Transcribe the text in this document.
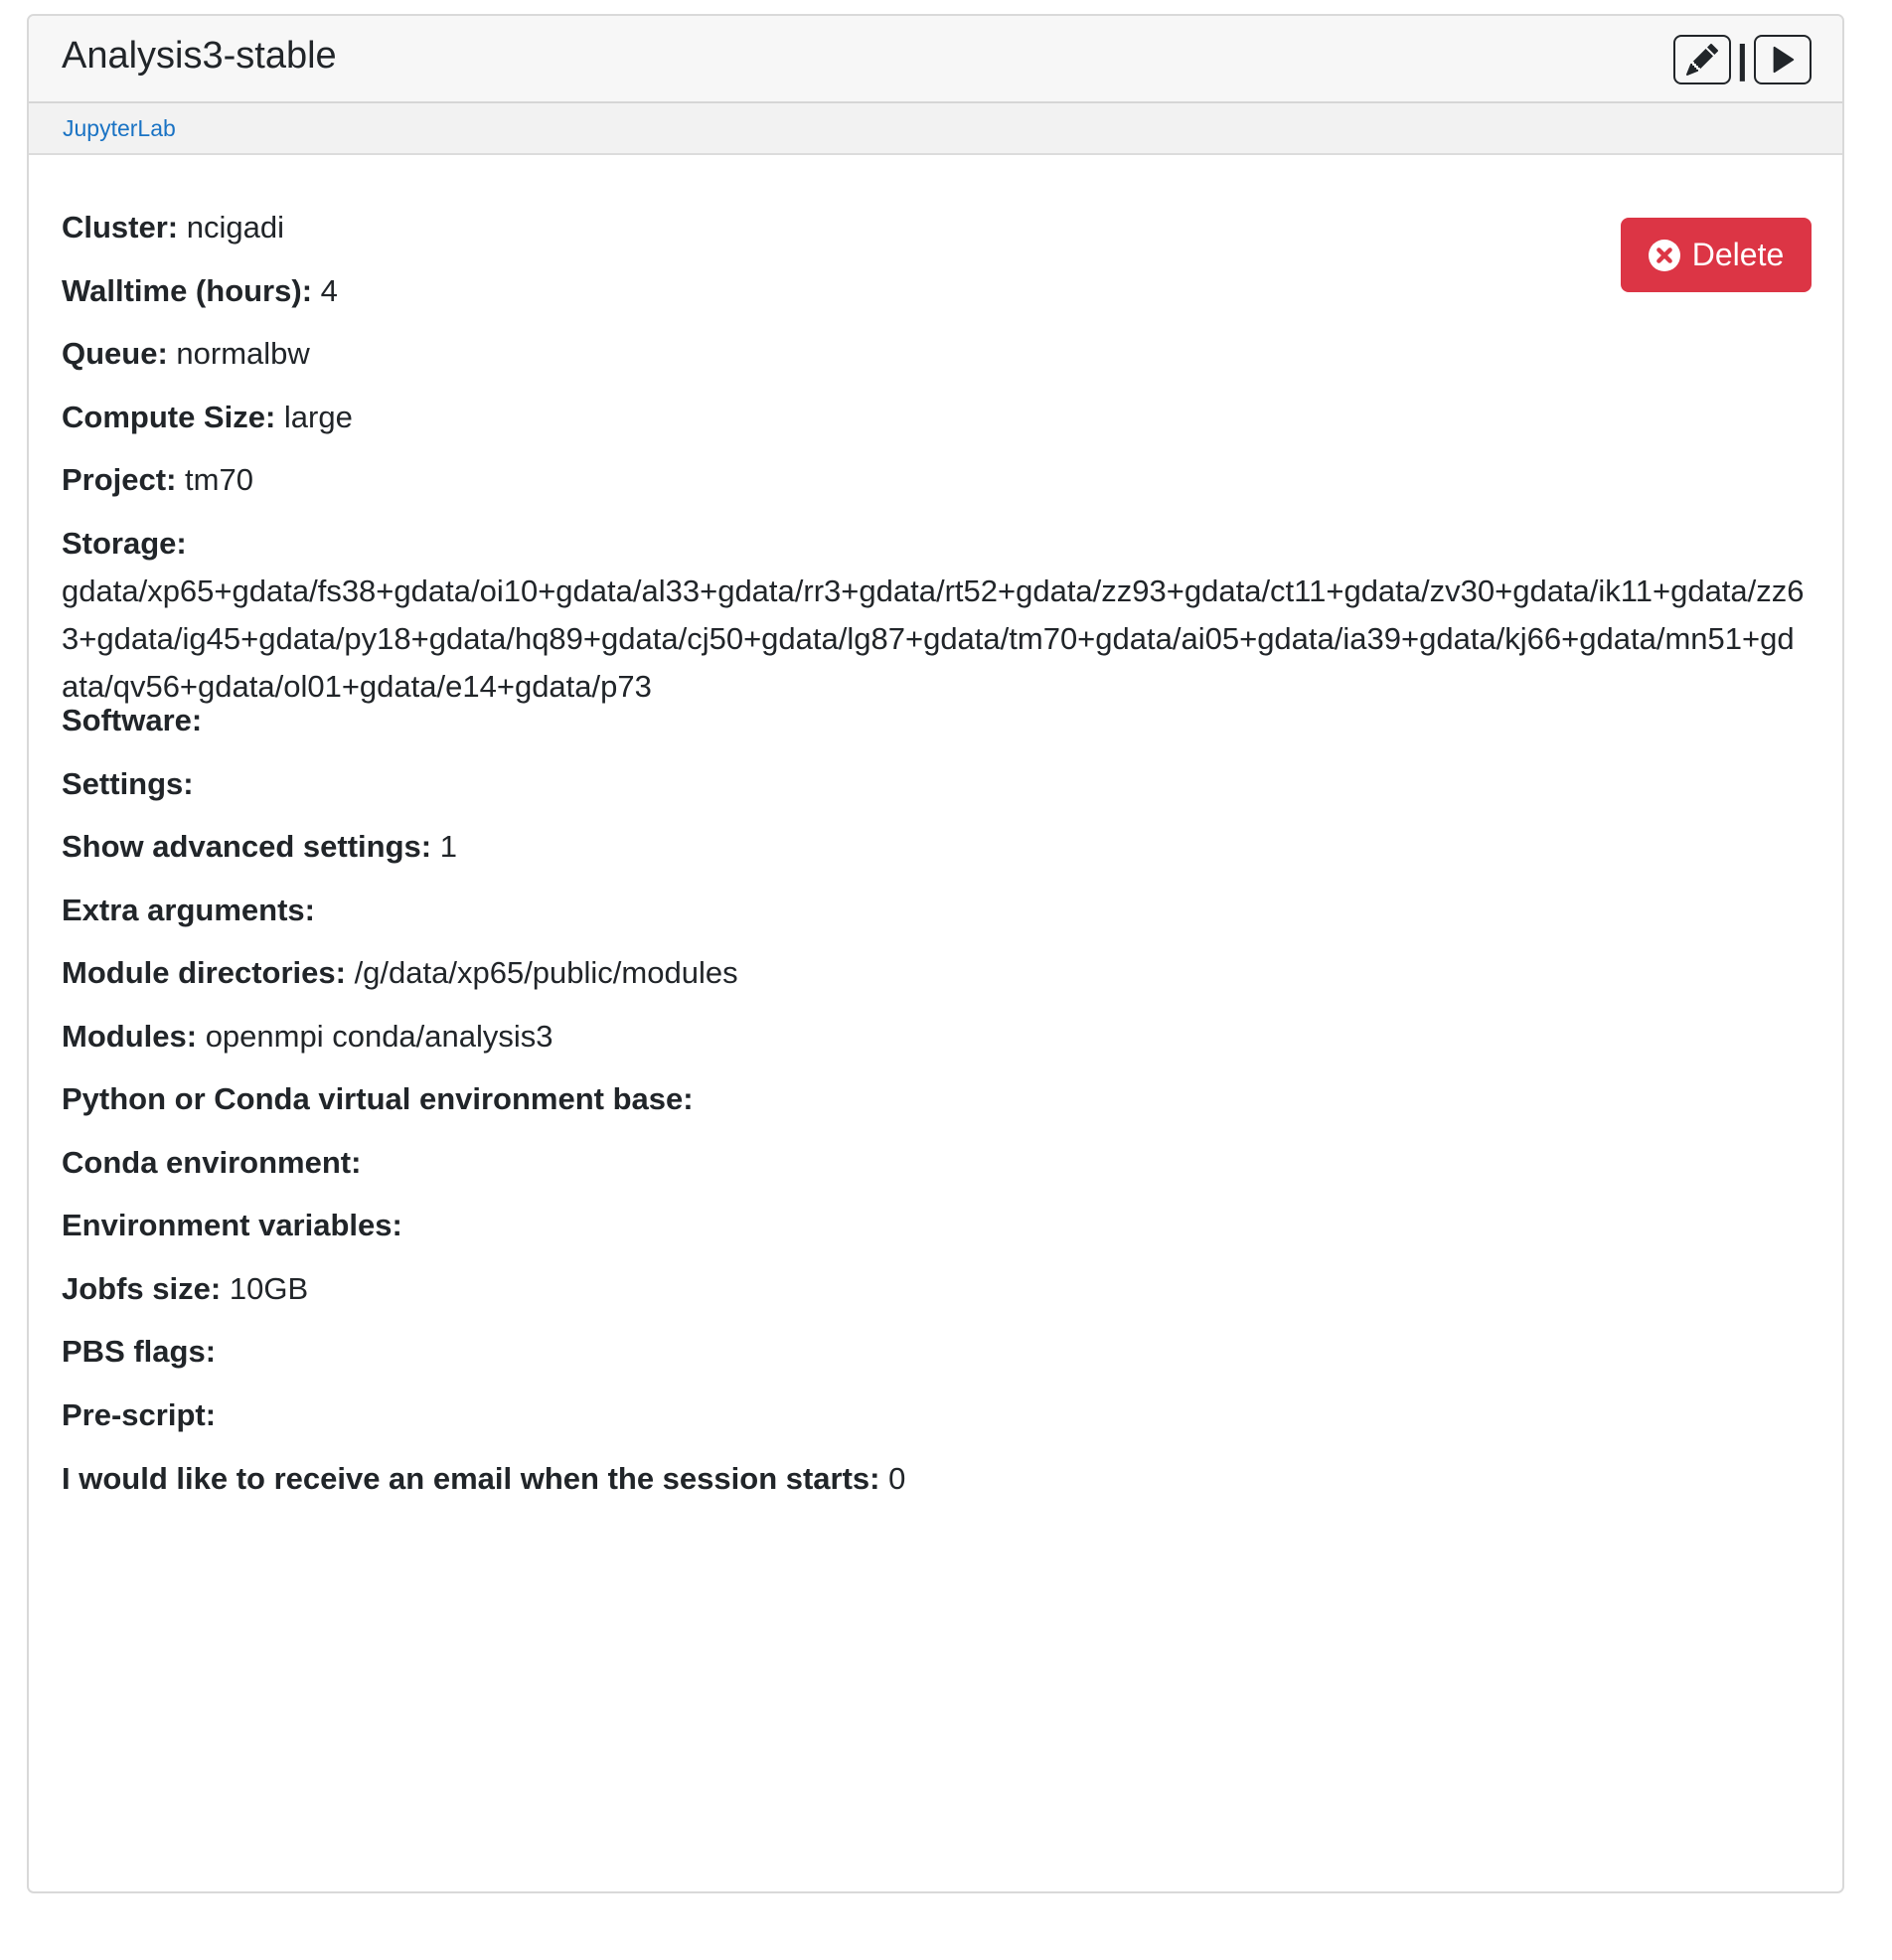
Analysis3-stable	|
JupyterLab
Delete

Cluster: ncigadi

Walltime (hours): 4

Queue: normalbw

Compute Size: large

Project: tm70

Storage:
gdata/xp65+gdata/fs38+gdata/oi10+gdata/al33+gdata/rr3+gdata/rt52+gdata/zz93+gdata/ct11+gdata/zv30+gdata/ik11+gdata/zz63+gdata/ig45+gdata/py18+gdata/hq89+gdata/cj50+gdata/lg87+gdata/tm70+gdata/ai05+gdata/ia39+gdata/kj66+gdata/mn51+gdata/qv56+gdata/ol01+gdata/e14+gdata/p73

Software:

Settings:

Show advanced settings: 1

Extra arguments:

Module directories: /g/data/xp65/public/modules

Modules: openmpi conda/analysis3

Python or Conda virtual environment base:

Conda environment:

Environment variables:

Jobfs size: 10GB

PBS flags:

Pre-script:

I would like to receive an email when the session starts: 0
